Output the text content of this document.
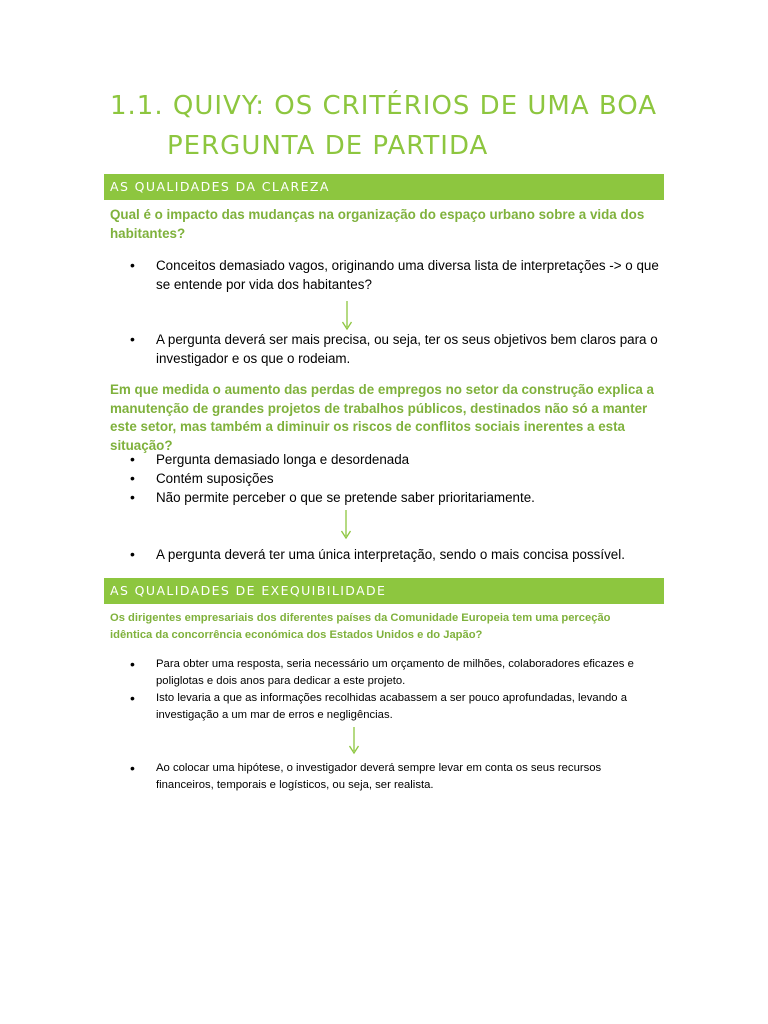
1.1. QUIVY: OS CRITÉRIOS DE UMA BOA
PERGUNTA DE PARTIDA
AS QUALIDADES DA CLAREZA

Qual é o impacto das mudanças na organização do espaço urbano sobre a vida dos habitantes?

• Conceitos demasiado vagos, originando uma diversa lista de interpretações -> o que se entende por vida dos habitantes?
• A pergunta deverá ser mais precisa, ou seja, ter os seus objetivos bem claros para o investigador e os que o rodeiam.

Em que medida o aumento das perdas de empregos no setor da construção explica a manutenção de grandes projetos de trabalhos públicos, destinados não só a manter este setor, mas também a diminuir os riscos de conflitos sociais inerentes a esta situação?

• Pergunta demasiado longa e desordenada
• Contém suposições
• Não permite perceber o que se pretende saber prioritariamente.
• A pergunta deverá ter uma única interpretação, sendo o mais concisa possível.
AS QUALIDADES DE EXEQUIBILIDADE

Os dirigentes empresariais dos diferentes países da Comunidade Europeia tem uma perceção idêntica da concorrência económica dos Estados Unidos e do Japão?

• Para obter uma resposta, seria necessário um orçamento de milhões, colaboradores eficazes e poliglotas e dois anos para dedicar a este projeto.
• Isto levaria a que as informações recolhidas acabassem a ser pouco aprofundadas, levando a investigação a um mar de erros e negligências.
• Ao colocar uma hipótese, o investigador deverá sempre levar em conta os seus recursos financeiros, temporais e logísticos, ou seja, ser realista.
